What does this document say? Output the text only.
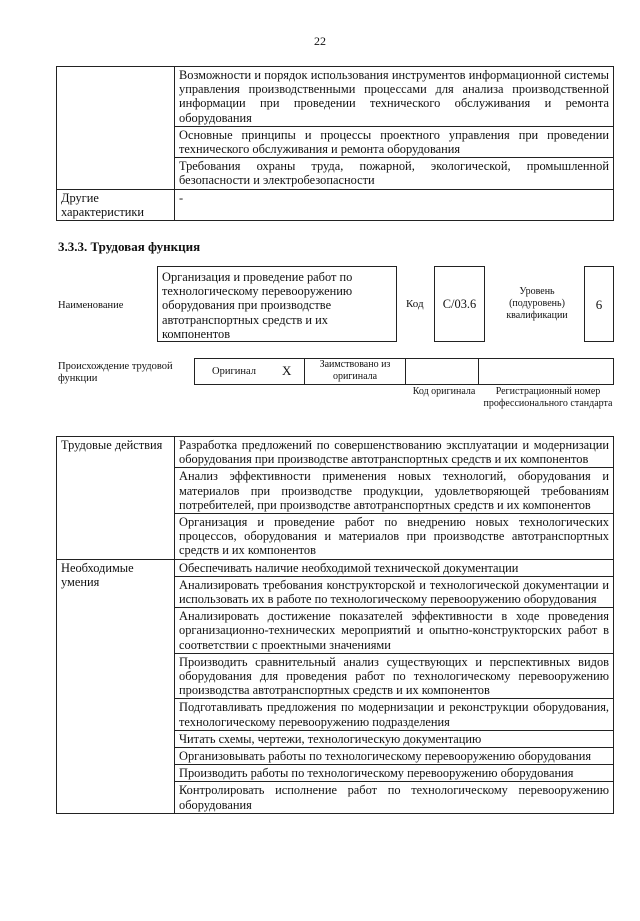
22
	Возможности и порядок использования инструментов информационной системы управления производственными процессами для анализа производственной информации при проведении технического обслуживания и ремонта оборудования
	Основные принципы и процессы проектного управления при проведении технического обслуживания и ремонта оборудования
	Требования охраны труда, пожарной, экологической, промышленной безопасности и электробезопасности
Другие характеристики	-
3.3.3. Трудовая функция
Наименование
Организация и проведение работ по технологическому перевооружению оборудования при производстве автотранспортных средств и их компонентов
Код	C/03.6
Уровень (подуровень) квалификации
6
Происхождение трудовой функции
Оригинал X	Заимствовано из оригинала
Код оригинала	Регистрационный номер профессионального стандарта
Трудовые действия	Разработка предложений по совершенствованию эксплуатации и модернизации оборудования при производстве автотранспортных средств и их компонентов
	Анализ эффективности применения новых технологий, оборудования и материалов при производстве продукции, удовлетворяющей требованиям потребителей, при производстве автотранспортных средств и их компонентов
	Организация и проведение работ по внедрению новых технологических процессов, оборудования и материалов при производстве автотранспортных средств и их компонентов
Необходимые умения	Обеспечивать наличие необходимой технической документации
	Анализировать требования конструкторской и технологической документации и использовать их в работе по технологическому перевооружению оборудования
	Анализировать достижение показателей эффективности в ходе проведения организационно-технических мероприятий и опытно-конструкторских работ в соответствии с проектными значениями
	Производить сравнительный анализ существующих и перспективных видов оборудования для проведения работ по технологическому перевооружению производства автотранспортных средств и их компонентов
	Подготавливать предложения по модернизации и реконструкции оборудования, технологическому перевооружению подразделения
	Читать схемы, чертежи, технологическую документацию
	Организовывать работы по технологическому перевооружению оборудования
	Производить работы по технологическому перевооружению оборудования
	Контролировать исполнение работ по технологическому перевооружению оборудования
